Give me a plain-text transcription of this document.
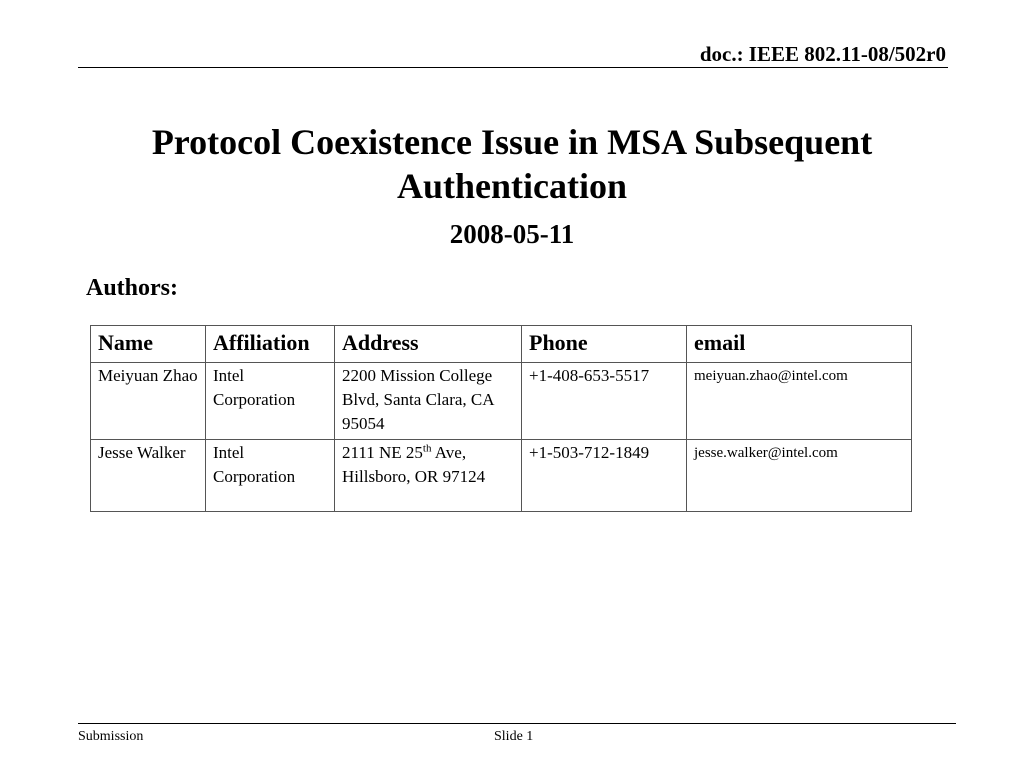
doc.: IEEE 802.11-08/502r0
Protocol Coexistence Issue in MSA Subsequent
Authentication
2008-05-11
Authors:
Name	Affiliation	Address	Phone	email
Meiyuan Zhao	Intel Corporation	2200 Mission College Blvd, Santa Clara, CA 95054	+1-408-653-5517	meiyuan.zhao@intel.com
Jesse Walker	Intel Corporation	2111 NE 25th Ave, Hillsboro, OR 97124	+1-503-712-1849	jesse.walker@intel.com
Submission	Slide 1
